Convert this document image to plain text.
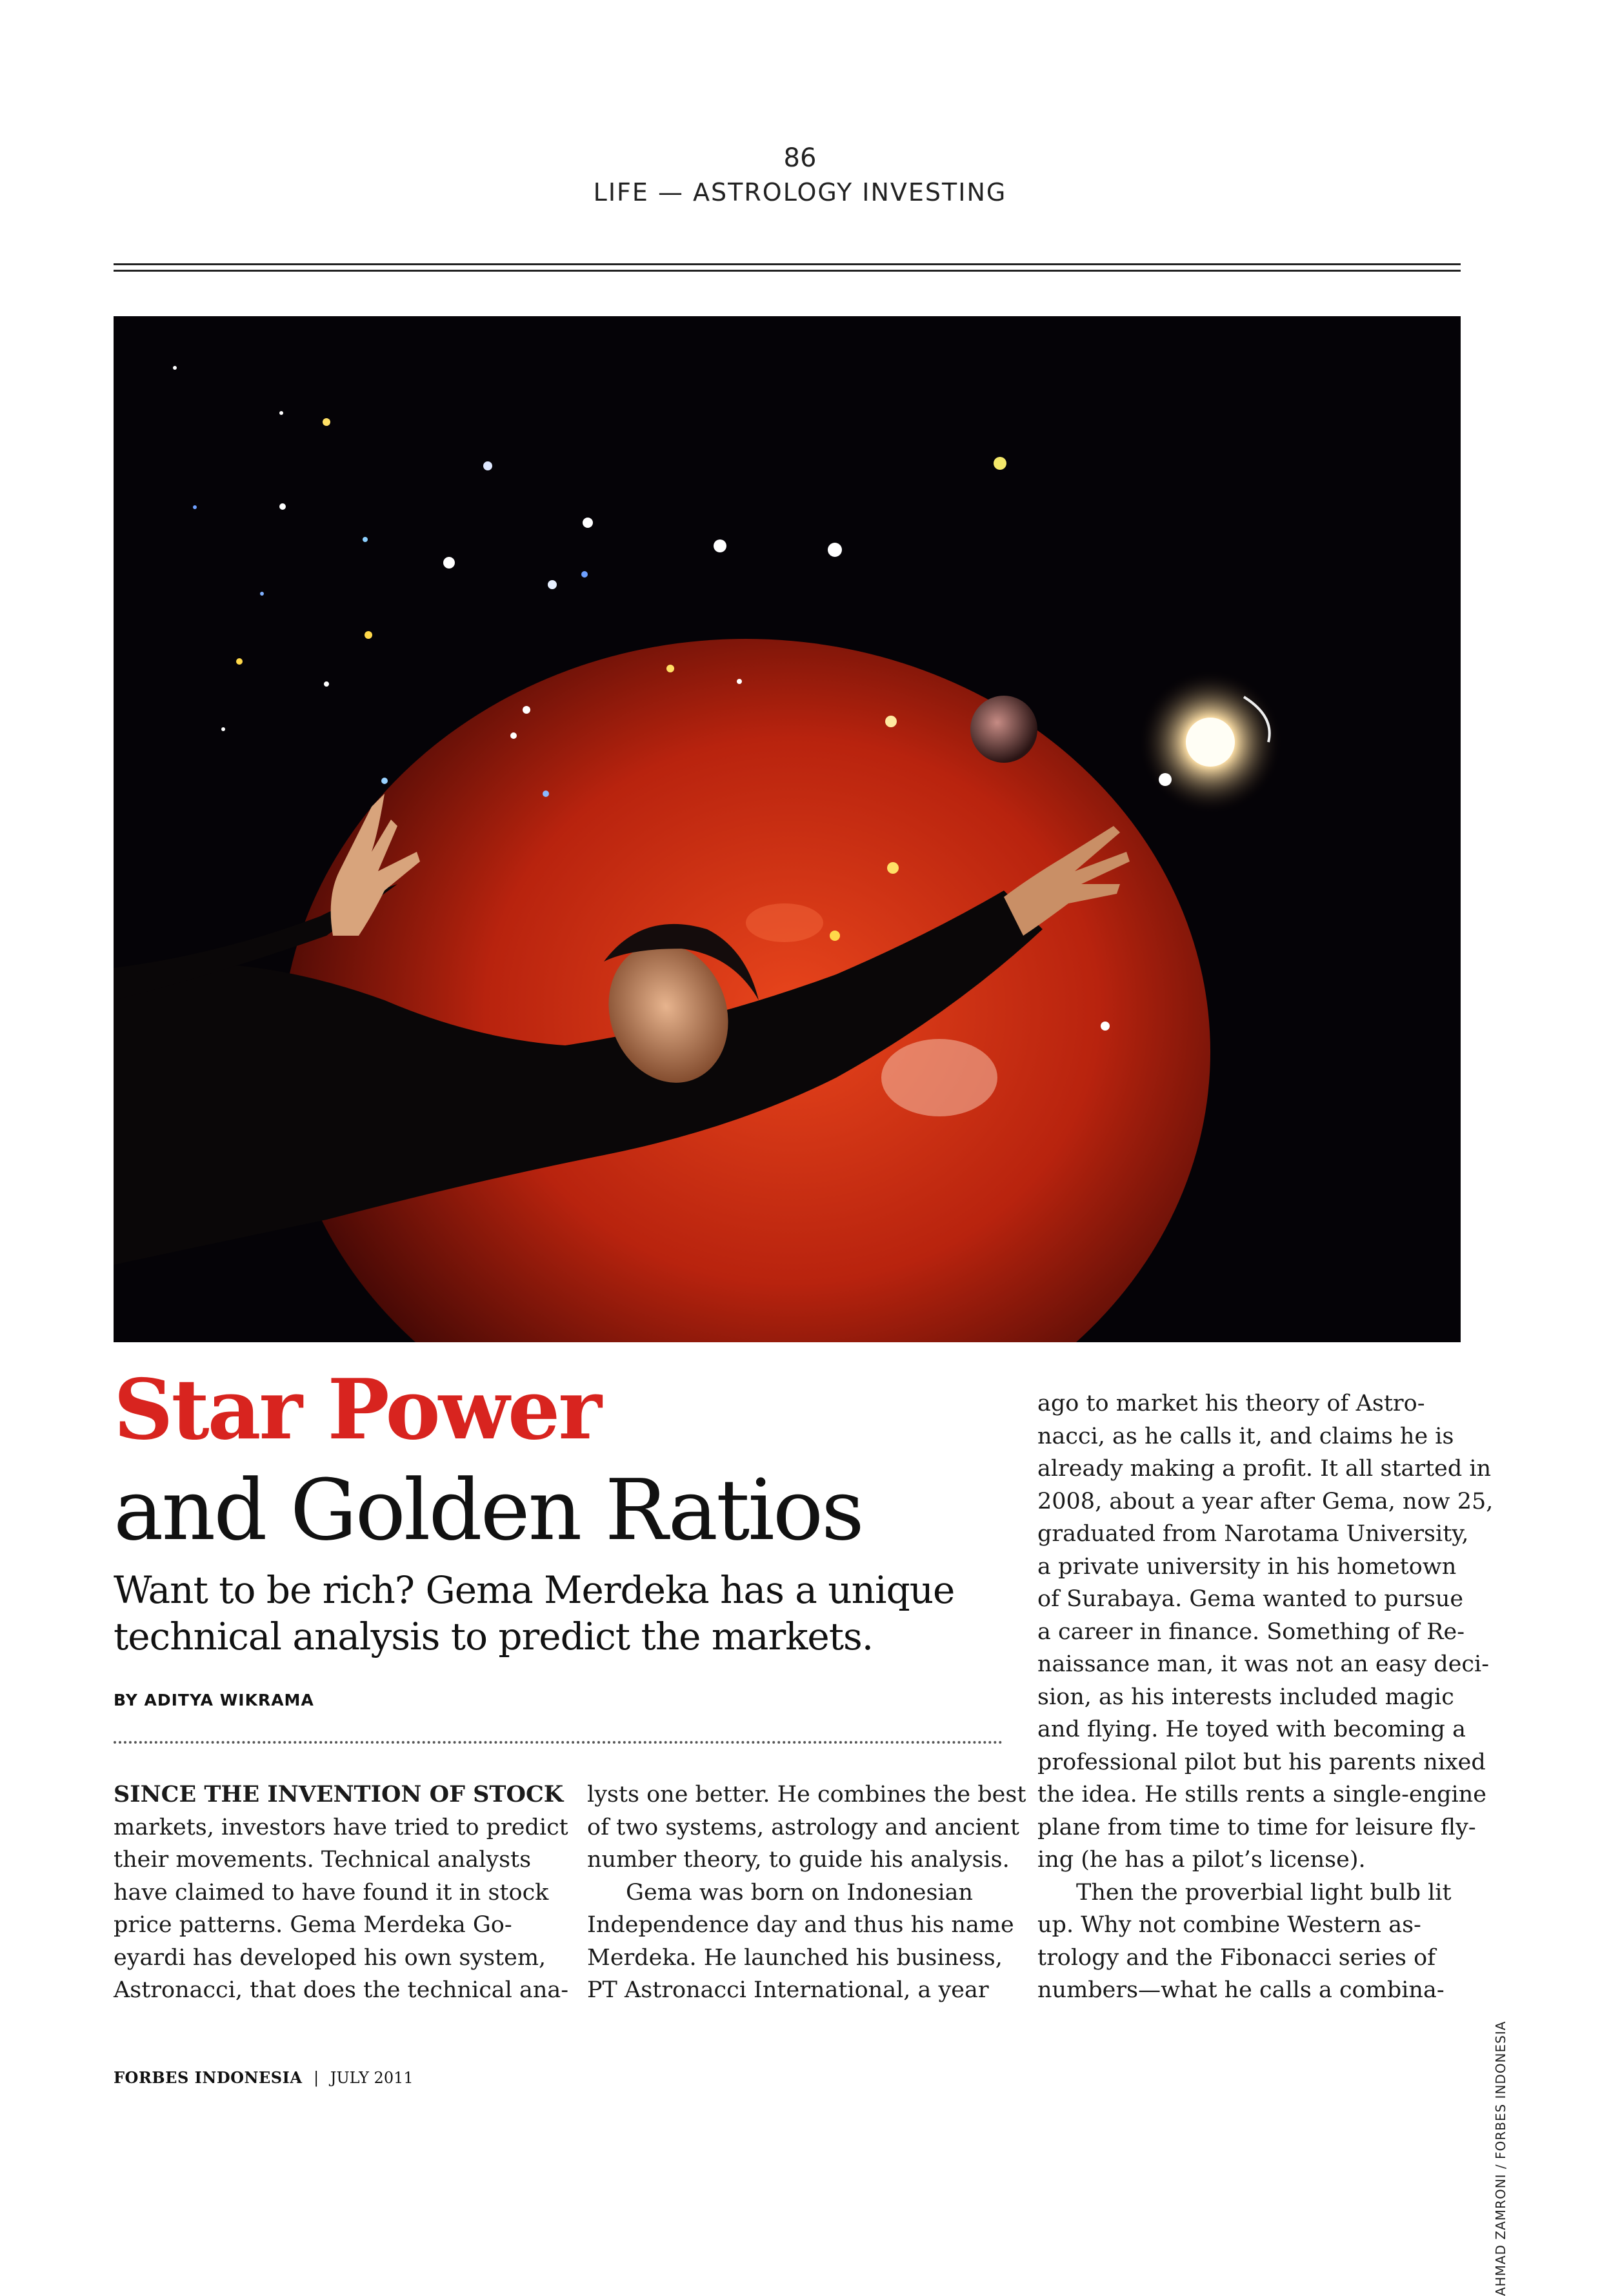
86
LIFE — ASTROLOGY INVESTING
Star Power
and Golden Ratios
Want to be rich? Gema Merdeka has a unique
technical analysis to predict the markets.
BY ADITYA WIKRAMA
SINCE THE INVENTION OF STOCK
markets, investors have tried to predict
their movements. Technical analysts
have claimed to have found it in stock
price patterns. Gema Merdeka Go-
eyardi has developed his own system,
Astronacci, that does the technical ana-
lysts one better. He combines the best
of two systems, astrology and ancient
number theory, to guide his analysis.
Gema was born on Indonesian
Independence day and thus his name
Merdeka. He launched his business,
PT Astronacci International, a year
ago to market his theory of Astro-
nacci, as he calls it, and claims he is
already making a profit. It all started in
2008, about a year after Gema, now 25,
graduated from Narotama University,
a private university in his hometown
of Surabaya. Gema wanted to pursue
a career in finance. Something of Re-
naissance man, it was not an easy deci-
sion, as his interests included magic
and flying. He toyed with becoming a
professional pilot but his parents nixed
the idea. He stills rents a single-engine
plane from time to time for leisure fly-
ing (he has a pilot’s license).
Then the proverbial light bulb lit
up. Why not combine Western as-
trology and the Fibonacci series of
numbers—what he calls a combina-
AHMAD ZAMRONI / FORBES INDONESIA
FORBES INDONESIA | JULY 2011
